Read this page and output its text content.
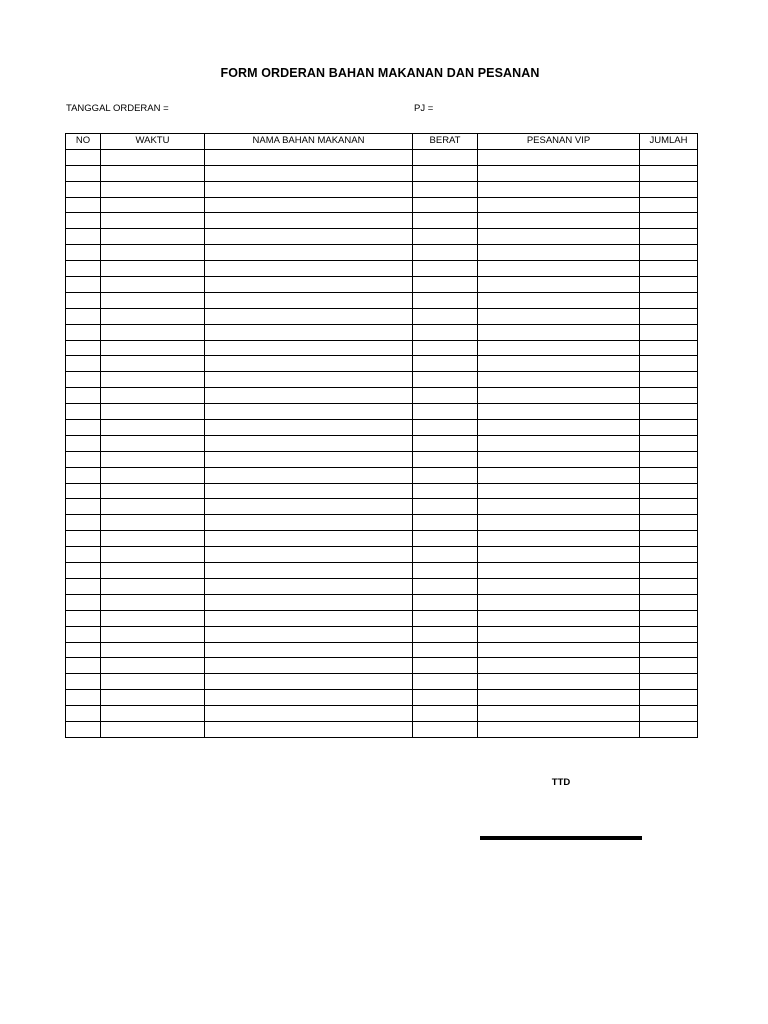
FORM ORDERAN BAHAN MAKANAN DAN PESANAN
TANGGAL ORDERAN =	PJ =
NO	WAKTU	NAMA BAHAN MAKANAN	BERAT	PESANAN VIP	JUMLAH

TTD
